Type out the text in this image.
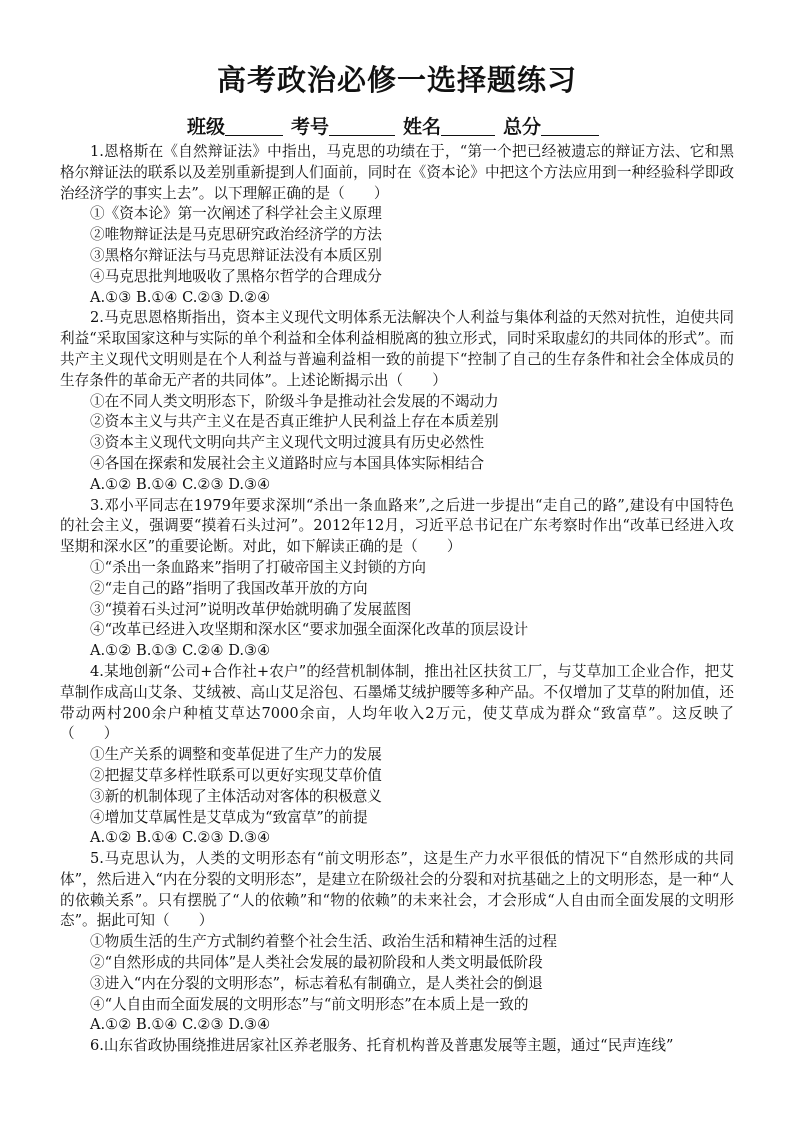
高考政治必修一选择题练习
班级	考号	姓名	总分

1.恩格斯在《自然辩证法》中指出，马克思的功绩在于，“第一个把已经被遗忘的辩证方法、它和黑格尔辩证法的联系以及差别重新提到人们面前，同时在《资本论》中把这个方法应用到一种经验科学即政治经济学的事实上去”。以下理解正确的是（　　）

①《资本论》第一次阐述了科学社会主义原理

②唯物辩证法是马克思研究政治经济学的方法

③黑格尔辩证法与马克思辩证法没有本质区别

④马克思批判地吸收了黑格尔哲学的合理成分

A.①③ B.①④ C.②③ D.②④

2.马克思恩格斯指出，资本主义现代文明体系无法解决个人利益与集体利益的天然对抗性，迫使共同利益“采取国家这种与实际的单个利益和全体利益相脱离的独立形式，同时采取虚幻的共同体的形式”。而共产主义现代文明则是在个人利益与普遍利益相一致的前提下“控制了自己的生存条件和社会全体成员的生存条件的革命无产者的共同体”。上述论断揭示出（　　）

①在不同人类文明形态下，阶级斗争是推动社会发展的不竭动力

②资本主义与共产主义在是否真正维护人民利益上存在本质差别

③资本主义现代文明向共产主义现代文明过渡具有历史必然性

④各国在探索和发展社会主义道路时应与本国具体实际相结合

A.①② B.①④ C.②③ D.③④

3.邓小平同志在1979年要求深圳“杀出一条血路来”,之后进一步提出“走自己的路”,建设有中国特色的社会主义，强调要“摸着石头过河”。2012年12月，习近平总书记在广东考察时作出“改革已经进入攻坚期和深水区”的重要论断。对此，如下解读正确的是（　　）

①“杀出一条血路来”指明了打破帝国主义封锁的方向

②“走自己的路”指明了我国改革开放的方向

③“摸着石头过河”说明改革伊始就明确了发展蓝图

④“改革已经进入攻坚期和深水区“要求加强全面深化改革的顶层设计

A.①② B.①③ C.②④ D.③④

4.某地创新“公司+合作社+农户”的经营机制体制，推出社区扶贫工厂，与艾草加工企业合作，把艾草制作成高山艾条、艾绒被、高山艾足浴包、石墨烯艾绒护腰等多种产品。不仅增加了艾草的附加值，还带动两村200余户种植艾草达7000余亩，人均年收入2万元，使艾草成为群众“致富草”。这反映了（　　）

①生产关系的调整和变革促进了生产力的发展

②把握艾草多样性联系可以更好实现艾草价值

③新的机制体现了主体活动对客体的积极意义

④增加艾草属性是艾草成为“致富草”的前提

A.①② B.①④ C.②③ D.③④

5.马克思认为，人类的文明形态有“前文明形态”，这是生产力水平很低的情况下“自然形成的共同体”，然后进入“内在分裂的文明形态”，是建立在阶级社会的分裂和对抗基础之上的文明形态，是一种“人的依赖关系”。只有摆脱了“人的依赖”和“物的依赖”的未来社会，才会形成“人自由而全面发展的文明形态”。据此可知（　　）

①物质生活的生产方式制约着整个社会生活、政治生活和精神生活的过程

②“自然形成的共同体”是人类社会发展的最初阶段和人类文明最低阶段

③进入“内在分裂的文明形态”，标志着私有制确立，是人类社会的倒退

④“人自由而全面发展的文明形态”与“前文明形态”在本质上是一致的

A.①② B.①④ C.②③ D.③④

6.山东省政协围绕推进居家社区养老服务、托育机构普及普惠发展等主题，通过“民声连线”
